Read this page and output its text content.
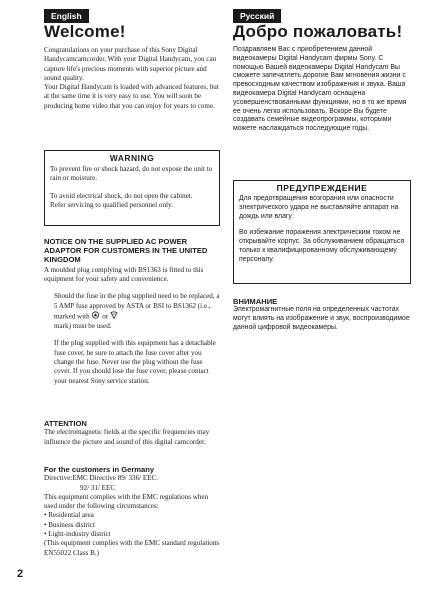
English
Welcome!

Congratulations on your purchase of this Sony Digital Handycamcamcorder. With your Digital Handycam, you can capture life's precious moments with superior picture and sound quality.

Your Digital Handycam is loaded with advanced features, but at the same time it is very easy to use. You will soon be producing home video that you can enjoy for years to come.

WARNING

To prevent fire or shock hazard, do not expose the unit to rain or moisture.

To avoid electrical shock, do not open the cabinet.

Refer servicing to qualified personnel only.

NOTICE ON THE SUPPLIED AC POWER ADAPTOR FOR CUSTOMERS IN THE UNITED KINGDOM

A moulded plug complying with BS1363 is fitted to this equipment for your safety and convenience.

Should the fuse in the plug supplied need to be replaced, a 5 AMP fuse approved by ASTA or BSI to BS1362 (i.e., marked with or
mark) must be used.

If the plug supplied with this equipment has a detachable fuse cover, be sure to attach the fuse cover after you change the fuse. Never use the plug without the fuse cover. If you should lose the fuse cover, please contact your nearest Sony service station.

ATTENTION

The electromagnetic fields at the specific frequencies may influence the picture and sound of this digital camcorder.

For the customers in Germany

Directive:EMC Directive 89/ 336/ EEC.

92/ 31/ EEC

This equipment complies with the EMC regulations when used under the following circumstances:

• Residential area
• Business district
• Light-industry district

(This equipment complies with the EMC standard regulations EN55022 Class B.)

Русский
Добро пожаловать!

Поздравляем Вас с приобретением данной видеокамеры Digital Handycam фирмы Sony. С помощью Вашей видеокамеры Digital Handycam Вы сможете запечатлеть дорогие Вам мгновения жизни с превосходным качеством изображения и звука. Ваша видеокамера Digital Handycam оснащена усовершенствованными функциями, но в то же время ее очень легко использовать. Вскоре Вы будете создавать семейные видеопрограммы, которыми можете наслаждаться последующие годы.

ПРЕДУПРЕЖДЕНИЕ

Для предотвращения возгорания или опасности электрического удара не выставляйте аппарат на дождь или влагу.

Во избежание поражения электрическим током не открывайте корпус. За обслуживанием обращаться только к квалифицированному обслуживающему персоналу.

ВНИМАНИЕ

Электромагнитные поля на определенных частотах могут влиять на изображение и звук, воспроизводимое данной цифровой видеокамеры.

2
